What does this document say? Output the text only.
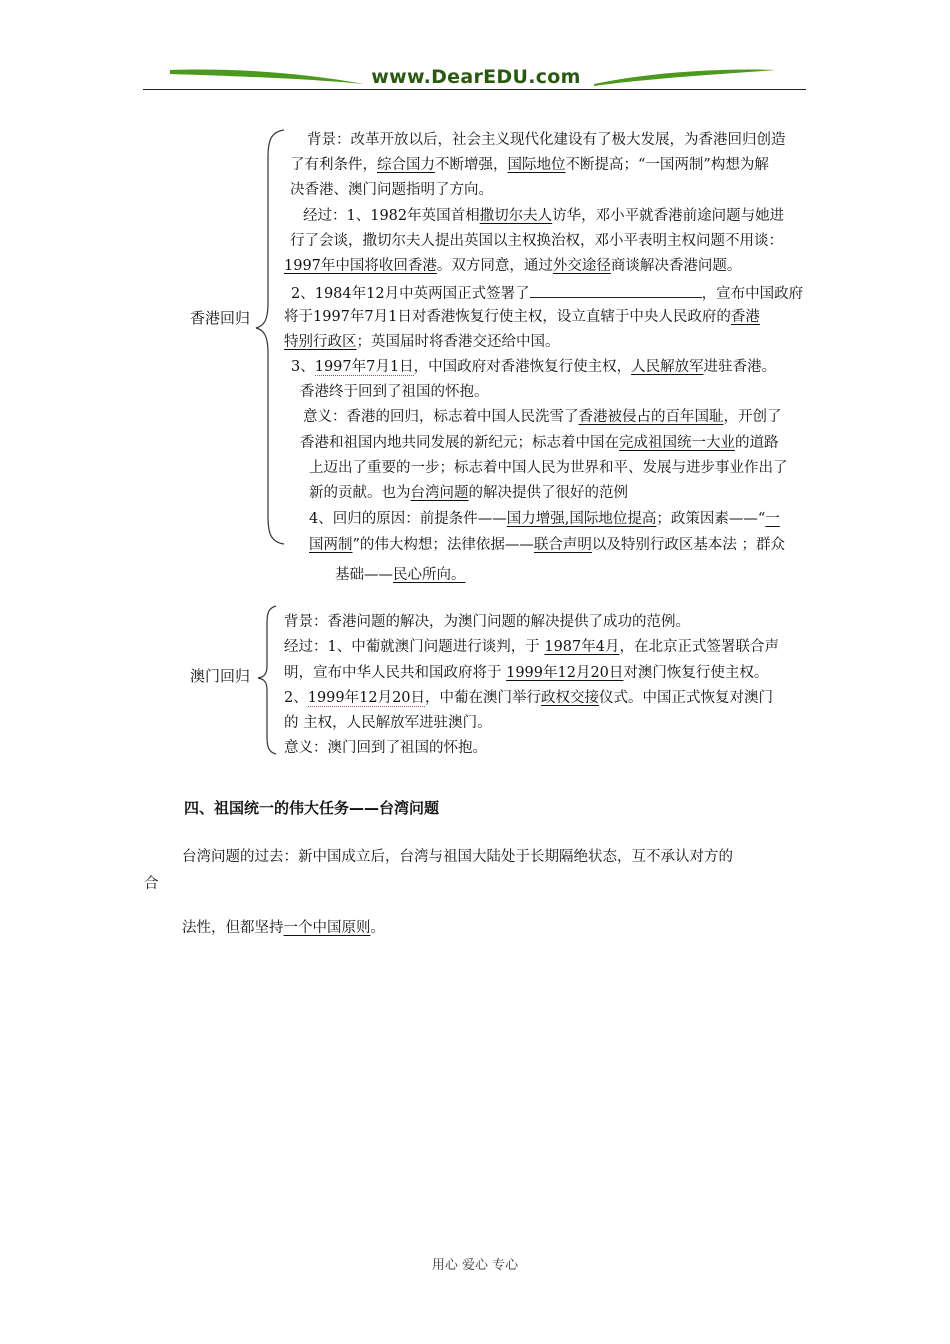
www.DearEDU.com
香港回归
背景：改革开放以后，社会主义现代化建设有了极大发展，为香港回归创造
了有利条件，综合国力不断增强，国际地位不断提高；“一国两制”构想为解
决香港、澳门问题指明了方向。
经过：1、1982年英国首相撒切尔夫人访华，邓小平就香港前途问题与她进
行了会谈，撒切尔夫人提出英国以主权换治权，邓小平表明主权问题不用谈：
1997年中国将收回香港。双方同意，通过外交途径商谈解决香港问题。
2、1984年12月中英两国正式签署了	，宣布中国政府
将于1997年7月1日对香港恢复行使主权，设立直辖于中央人民政府的香港
特别行政区；英国届时将香港交还给中国。
3、1997年7月1日，中国政府对香港恢复行使主权，人民解放军进驻香港。
香港终于回到了祖国的怀抱。
意义：香港的回归，标志着中国人民洗雪了香港被侵占的百年国耻，开创了
香港和祖国内地共同发展的新纪元；标志着中国在完成祖国统一大业的道路
上迈出了重要的一步；标志着中国人民为世界和平、发展与进步事业作出了
新的贡献。也为台湾问题的解决提供了很好的范例
4、回归的原因：前提条件——国力增强,国际地位提高；政策因素——“一
国两制”的伟大构想；法律依据——联合声明以及特别行政区基本法 ；群众
基础——民心所向。
澳门回归
背景：香港问题的解决，为澳门问题的解决提供了成功的范例。
经过：1、中葡就澳门问题进行谈判，于 1987年4月，在北京正式签署联合声
明，宣布中华人民共和国政府将于 1999年12月20日对澳门恢复行使主权。
2、1999年12月20日，中葡在澳门举行政权交接仪式。中国正式恢复对澳门
的 主权，人民解放军进驻澳门。
意义：澳门回到了祖国的怀抱。
四、祖国统一的伟大任务——台湾问题
台湾问题的过去：新中国成立后，台湾与祖国大陆处于长期隔绝状态，互不承认对方的
合
法性，但都坚持一个中国原则。
用心 爱心 专心
